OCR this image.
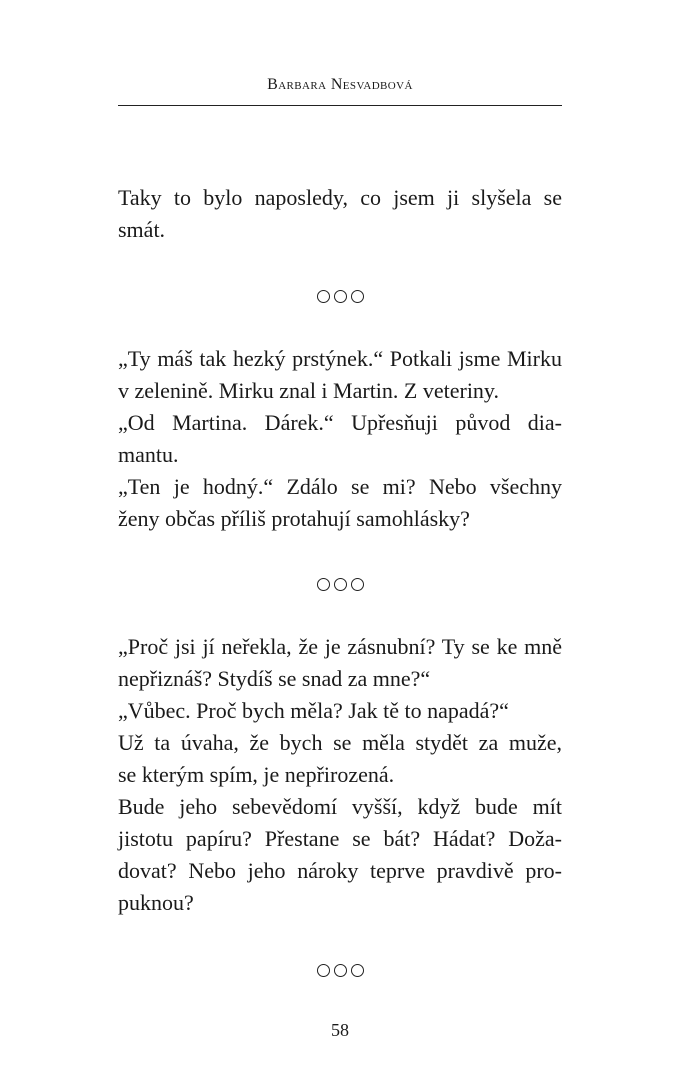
Barbara Nesvadbová
Taky to bylo naposledy, co jsem ji slyšela se
smát.
„Ty máš tak hezký prstýnek.“ Potkali jsme Mirku
v zelenině. Mirku znal i Martin. Z veteriny.
„Od Martina. Dárek.“ Upřesňuji původ dia-
mantu.
„Ten je hodný.“ Zdálo se mi? Nebo všechny
ženy občas příliš protahují samohlásky?
„Proč jsi jí neřekla, že je zásnubní? Ty se ke mně
nepřiznáš? Stydíš se snad za mne?“
„Vůbec. Proč bych měla? Jak tě to napadá?“
Už ta úvaha, že bych se měla stydět za muže,
se kterým spím, je nepřirozená.
Bude jeho sebevědomí vyšší, když bude mít
jistotu papíru? Přestane se bát? Hádat? Doža-
dovat? Nebo jeho nároky teprve pravdivě pro-
puknou?
58
